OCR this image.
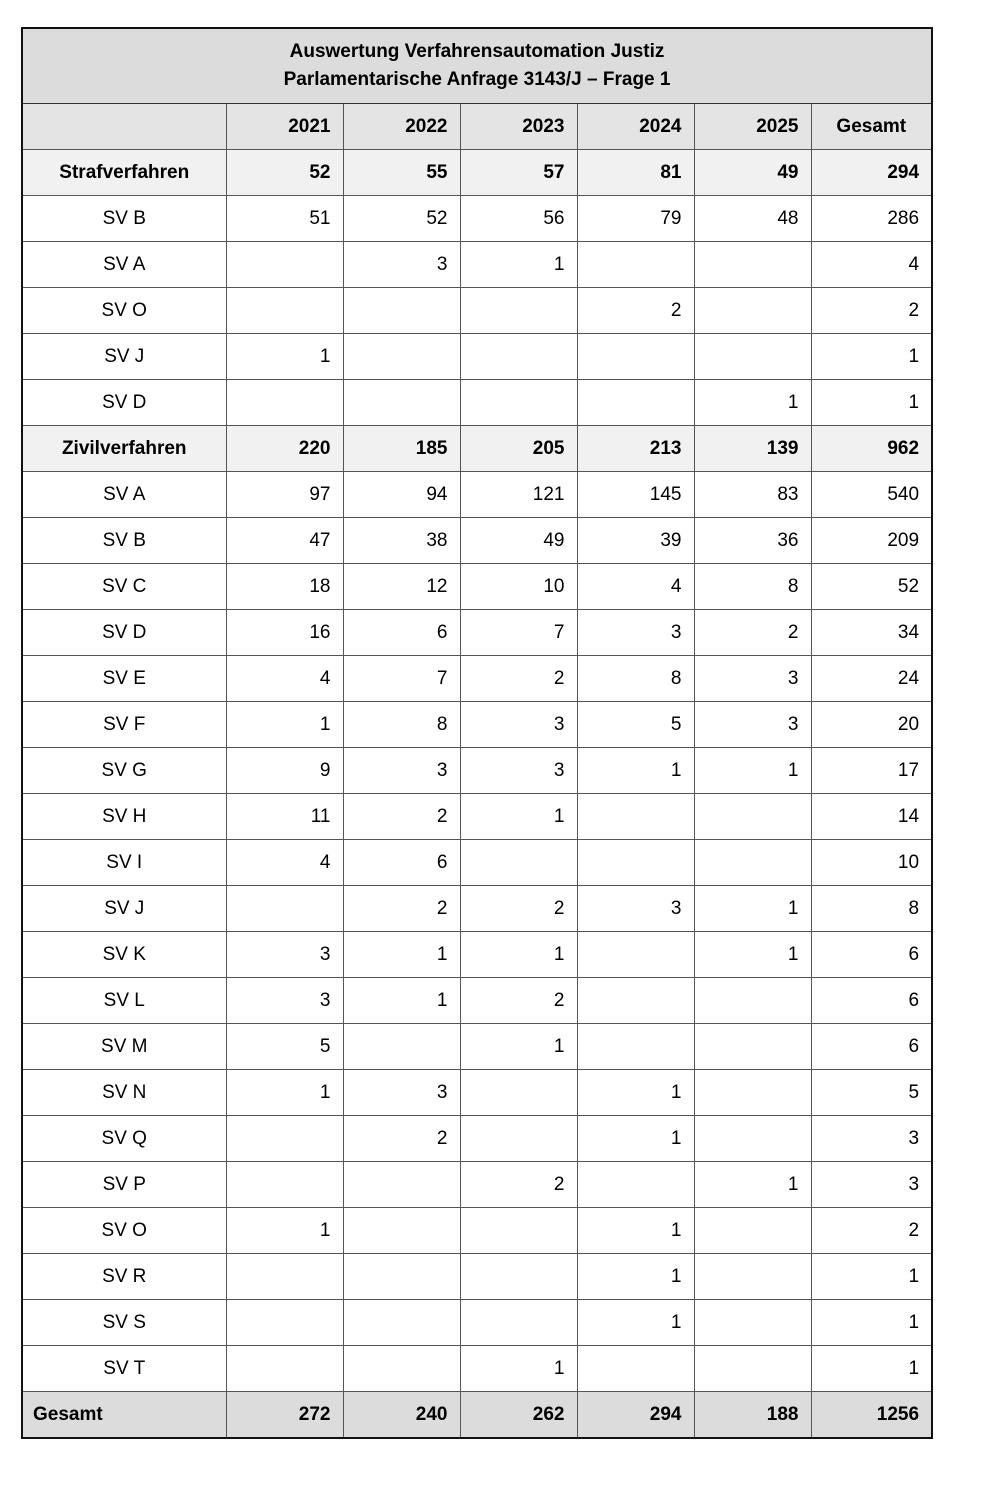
Auswertung Verfahrensautomation Justiz
Parlamentarische Anfrage 3143/J – Frage 1						

	2021	2022	2023	2024	2025	Gesamt
Strafverfahren	52	55	57	81	49	294
SV B	51	52	56	79	48	286
SV A		3	1			4
SV O				2		2
SV J	1					1
SV D					1	1
Zivilverfahren	220	185	205	213	139	962
SV A	97	94	121	145	83	540
SV B	47	38	49	39	36	209
SV C	18	12	10	4	8	52
SV D	16	6	7	3	2	34
SV E	4	7	2	8	3	24
SV F	1	8	3	5	3	20
SV G	9	3	3	1	1	17
SV H	11	2	1			14
SV I	4	6				10
SV J		2	2	3	1	8
SV K	3	1	1		1	6
SV L	3	1	2			6
SV M	5		1			6
SV N	1	3		1		5
SV Q		2		1		3
SV P			2		1	3
SV O	1			1		2
SV R				1		1
SV S				1		1
SV T			1			1
Gesamt	272	240	262	294	188	1256
